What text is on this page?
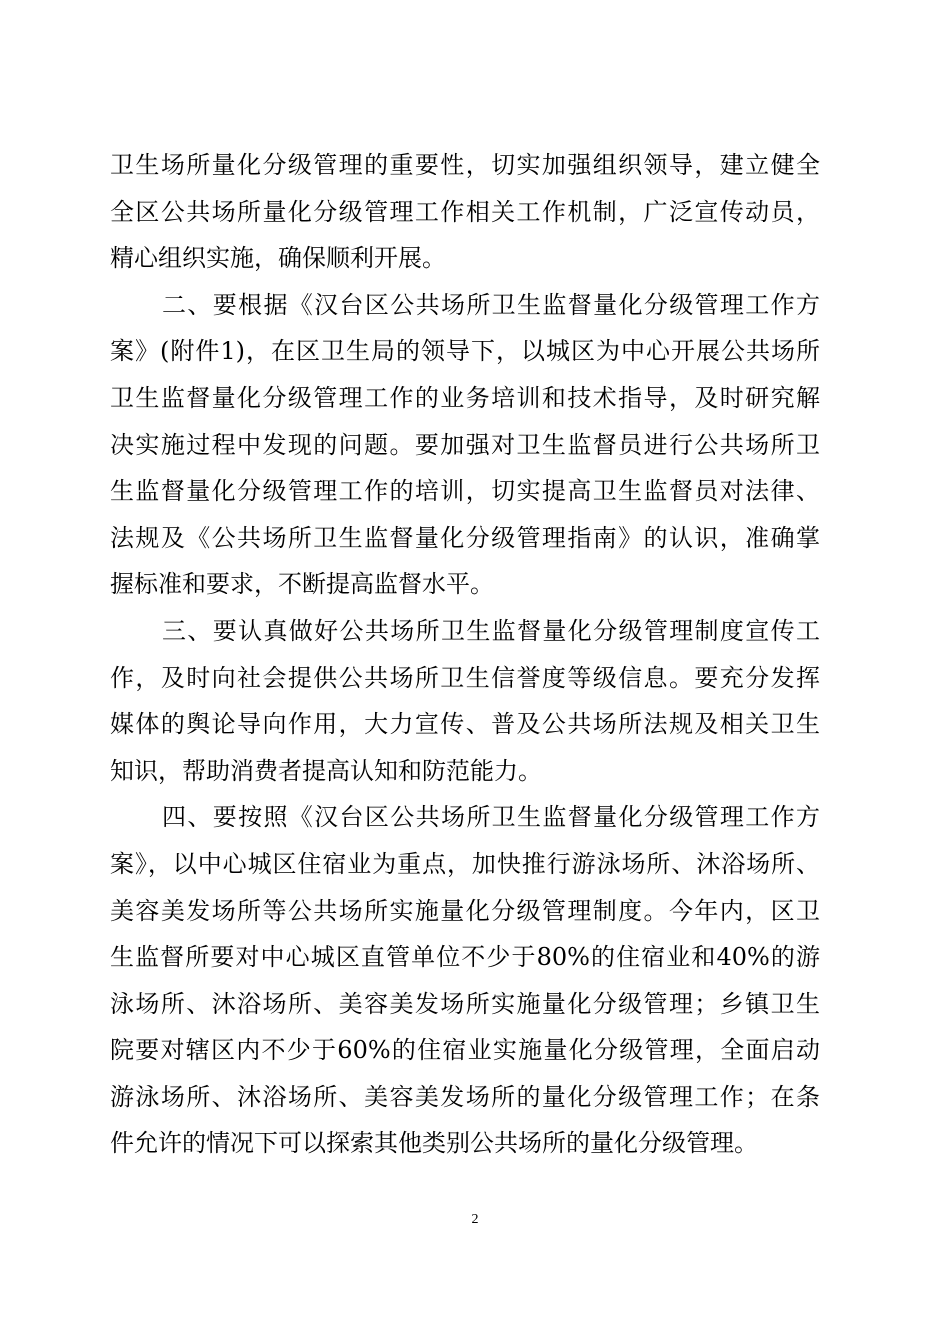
卫生场所量化分级管理的重要性，切实加强组织领导，建立健全
全区公共场所量化分级管理工作相关工作机制，广泛宣传动员，
精心组织实施，确保顺利开展。
二、要根据《汉台区公共场所卫生监督量化分级管理工作方
案》(附件1)，在区卫生局的领导下，以城区为中心开展公共场所
卫生监督量化分级管理工作的业务培训和技术指导，及时研究解
决实施过程中发现的问题。要加强对卫生监督员进行公共场所卫
生监督量化分级管理工作的培训，切实提高卫生监督员对法律、
法规及《公共场所卫生监督量化分级管理指南》的认识，准确掌
握标准和要求，不断提高监督水平。
三、要认真做好公共场所卫生监督量化分级管理制度宣传工
作，及时向社会提供公共场所卫生信誉度等级信息。要充分发挥
媒体的舆论导向作用，大力宣传、普及公共场所法规及相关卫生
知识，帮助消费者提高认知和防范能力。
四、要按照《汉台区公共场所卫生监督量化分级管理工作方
案》，以中心城区住宿业为重点，加快推行游泳场所、沐浴场所、
美容美发场所等公共场所实施量化分级管理制度。今年内，区卫
生监督所要对中心城区直管单位不少于80%的住宿业和40%的游
泳场所、沐浴场所、美容美发场所实施量化分级管理；乡镇卫生
院要对辖区内不少于60%的住宿业实施量化分级管理，全面启动
游泳场所、沐浴场所、美容美发场所的量化分级管理工作；在条
件允许的情况下可以探索其他类别公共场所的量化分级管理。
2
